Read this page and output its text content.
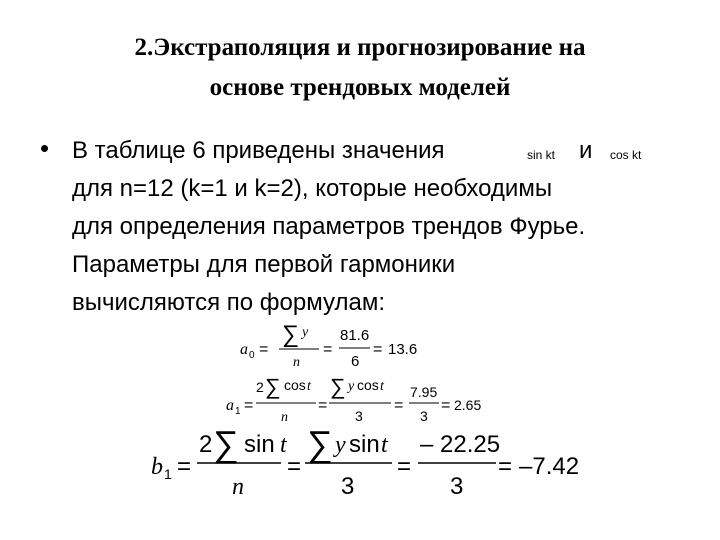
2.Экстраполяция и прогнозирование на
основе трендовых моделей
• В таблице 6 приведены значения	sin kt и cos kt
для n=12 (k=1 и k=2), которые необходимы
для определения параметров трендов Фурье.
Параметры для первой гармоники
вычисляются по формулам:
a 0 =
∑ y
n
=
81.6
6
= 13.6
a 1 =
2 ∑ cos t
n
=
∑ y cos t
3
=
7.95
3
= 2.65
b 1 =
2 ∑ sin t
n
=
∑ y sin t
3
=
– 22.25
3
= –7.42
